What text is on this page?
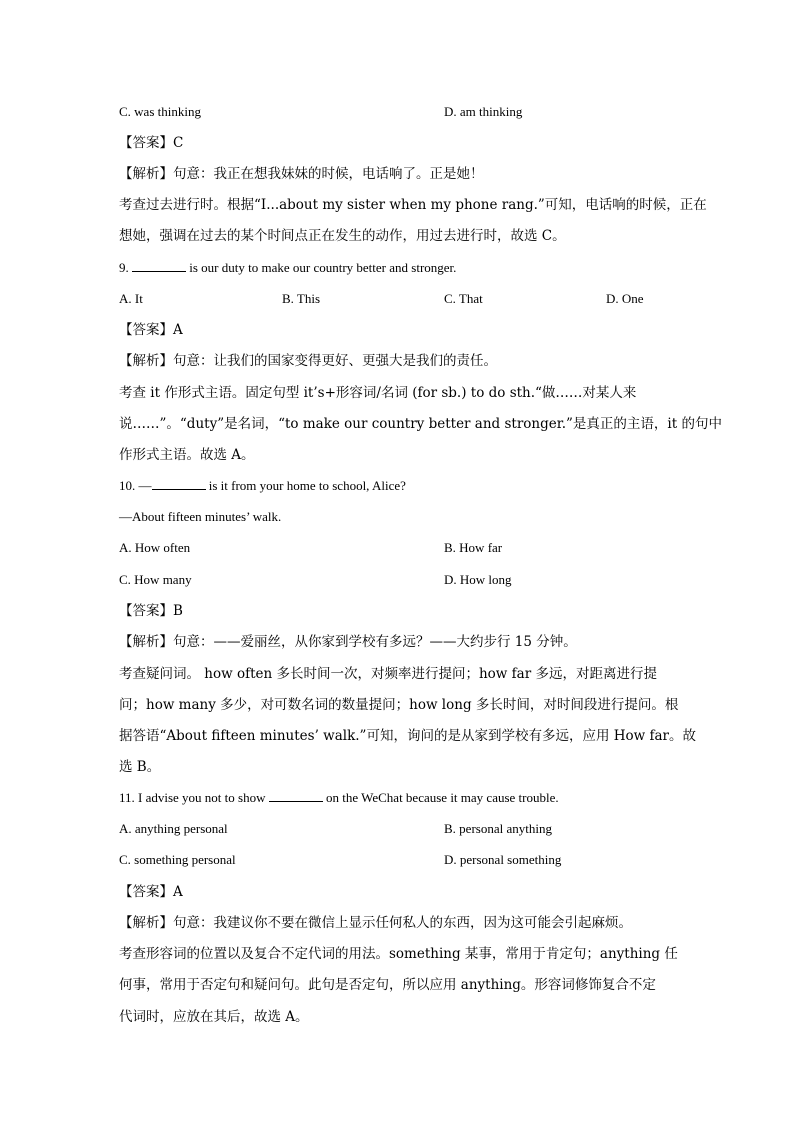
C. was thinking	D. am thinking
【答案】C
【解析】句意：我正在想我妹妹的时候，电话响了。正是她！
考查过去进行时。根据“I...about my sister when my phone rang.”可知，电话响的时候，正在
想她，强调在过去的某个时间点正在发生的动作，用过去进行时，故选 C。
9.	is our duty to make our country better and stronger.
A. It	B. This	C. That	D. One
【答案】A
【解析】句意：让我们的国家变得更好、更强大是我们的责任。
考查 it 作形式主语。固定句型 it’s+形容词/名词 (for sb.) to do sth.“做……对某人来
说……”。“duty”是名词，“to make our country better and stronger.”是真正的主语，it 的句中
作形式主语。故选 A。
10. —	is it from your home to school, Alice?
—About fifteen minutes’ walk.
A. How often	B. How far
C. How many	D. How long
【答案】B
【解析】句意：——爱丽丝，从你家到学校有多远？——大约步行 15 分钟。
考查疑问词。 how often 多长时间一次，对频率进行提问；how far 多远，对距离进行提
问；how many 多少，对可数名词的数量提问；how long 多长时间，对时间段进行提问。根
据答语“About fifteen minutes’ walk.”可知，询问的是从家到学校有多远，应用 How far。故
选 B。
11. I advise you not to show	on the WeChat because it may cause trouble.
A. anything personal	B. personal anything
C. something personal	D. personal something
【答案】A
【解析】句意：我建议你不要在微信上显示任何私人的东西，因为这可能会引起麻烦。
考查形容词的位置以及复合不定代词的用法。something 某事，常用于肯定句；anything 任
何事，常用于否定句和疑问句。此句是否定句，所以应用 anything。形容词修饰复合不定
代词时，应放在其后，故选 A。
